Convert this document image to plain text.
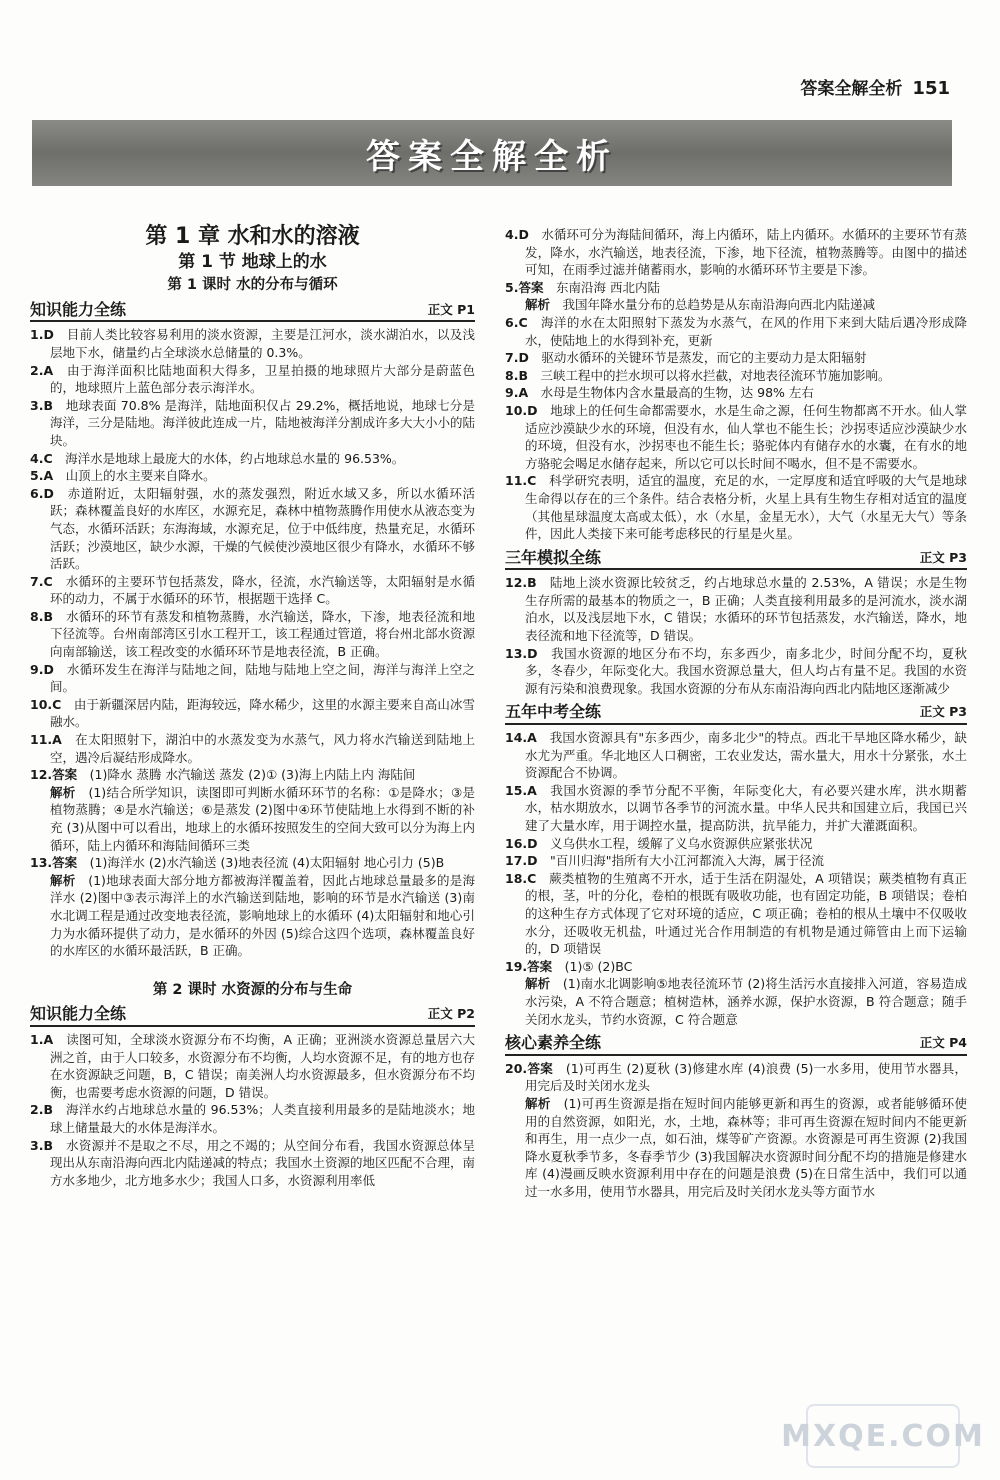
答案全解全析 151
答案全解全析
第 1 章 水和水的溶液
第 1 节 地球上的水
第 1 课时 水的分布与循环
知识能力全练	正文 P1

1.D　 目前人类比较容易利用的淡水资源，主要是江河水，淡水湖泊水，以及浅层地下水，储量约占全球淡水总储量的 0.3%。

2.A　 由于海洋面积比陆地面积大得多，卫星拍摄的地球照片大部分是蔚蓝色的，地球照片上蓝色部分表示海洋水。

3.B　 地球表面 70.8% 是海洋，陆地面积仅占 29.2%，概括地说，地球七分是海洋，三分是陆地。海洋彼此连成一片，陆地被海洋分割成许多大大小小的陆块。

4.C　 海洋水是地球上最庞大的水体，约占地球总水量的 96.53%。

5.A　 山顶上的水主要来自降水。

6.D　 赤道附近，太阳辐射强，水的蒸发强烈，附近水域又多，所以水循环活跃；森林覆盖良好的水库区，水源充足，森林中植物蒸腾作用使水从液态变为气态，水循环活跃；东海海域，水源充足，位于中低纬度，热量充足，水循环活跃；沙漠地区，缺少水源，干燥的气候使沙漠地区很少有降水，水循环不够活跃。

7.C　 水循环的主要环节包括蒸发，降水，径流，水汽输送等，太阳辐射是水循环的动力，不属于水循环的环节，根据题干选择 C。

8.B　 水循环的环节有蒸发和植物蒸腾，水汽输送，降水，下渗，地表径流和地下径流等。台州南部湾区引水工程开工，该工程通过管道，将台州北部水资源向南部输送，该工程改变的水循环环节是地表径流，B 正确。

9.D　 水循环发生在海洋与陆地之间，陆地与陆地上空之间，海洋与海洋上空之间。

10.C　 由于新疆深居内陆，距海较远，降水稀少，这里的水源主要来自高山冰雪融水。

11.A　 在太阳照射下，湖泊中的水蒸发变为水蒸气，风力将水汽输送到陆地上空，遇冷后凝结形成降水。

12.答案　 (1)降水 蒸腾 水汽输送 蒸发 (2)① (3)海上内陆上内 海陆间

解析　 (1)结合所学知识，读图即可判断水循环环节的名称：①是降水；③是植物蒸腾；④是水汽输送；⑥是蒸发 (2)图中④环节使陆地上水得到不断的补充 (3)从图中可以看出，地球上的水循环按照发生的空间大致可以分为海上内循环，陆上内循环和海陆间循环三类

13.答案　 (1)海洋水 (2)水汽输送 (3)地表径流 (4)太阳辐射 地心引力 (5)B

解析　 (1)地球表面大部分地方都被海洋覆盖着，因此占地球总量最多的是海洋水 (2)图中③表示海洋上的水汽输送到陆地，影响的环节是水汽输送 (3)南水北调工程是通过改变地表径流，影响地球上的水循环 (4)太阳辐射和地心引力为水循环提供了动力，是水循环的外因 (5)综合这四个选项，森林覆盖良好的水库区的水循环最活跃，B 正确。

第 2 课时 水资源的分布与生命
知识能力全练	正文 P2

1.A　 读图可知，全球淡水资源分布不均衡，A 正确；亚洲淡水资源总量居六大洲之首，由于人口较多，水资源分布不均衡，人均水资源不足，有的地方也存在水资源缺乏问题，B，C 错误；南美洲人均水资源最多，但水资源分布不均衡，也需要考虑水资源的问题，D 错误。

2.B　 海洋水约占地球总水量的 96.53%；人类直接利用最多的是陆地淡水；地球上储量最大的水体是海洋水。

3.B　 水资源并不是取之不尽，用之不竭的；从空间分布看，我国水资源总体呈现出从东南沿海向西北内陆递减的特点；我国水土资源的地区匹配不合理，南方水多地少，北方地多水少；我国人口多，水资源利用率低

4.D　 水循环可分为海陆间循环，海上内循环，陆上内循环。水循环的主要环节有蒸发，降水，水汽输送，地表径流，下渗，地下径流，植物蒸腾等。由图中的描述可知，在雨季过滤并储蓄雨水，影响的水循环环节主要是下渗。

5.答案　 东南沿海 西北内陆

解析　 我国年降水量分布的总趋势是从东南沿海向西北内陆递减

6.C　 海洋的水在太阳照射下蒸发为水蒸气，在风的作用下来到大陆后遇冷形成降水，使陆地上的水得到补充，更新

7.D　 驱动水循环的关键环节是蒸发，而它的主要动力是太阳辐射

8.B　 三峡工程中的拦水坝可以将水拦截，对地表径流环节施加影响。

9.A　 水母是生物体内含水量最高的生物，达 98% 左右

10.D　 地球上的任何生命都需要水，水是生命之源，任何生物都离不开水。仙人掌适应沙漠缺少水的环境，但没有水，仙人掌也不能生长；沙拐枣适应沙漠缺少水的环境，但没有水，沙拐枣也不能生长；骆驼体内有储存水的水囊，在有水的地方骆驼会喝足水储存起来，所以它可以长时间不喝水，但不是不需要水。

11.C　 科学研究表明，适宜的温度，充足的水，一定厚度和适宜呼吸的大气是地球生命得以存在的三个条件。结合表格分析，火星上具有生物生存相对适宜的温度（其他星球温度太高或太低），水（水星，金星无水），大气（水星无大气）等条件，因此人类接下来可能考虑移民的行星是火星。

三年模拟全练	正文 P3

12.B　 陆地上淡水资源比较贫乏，约占地球总水量的 2.53%，A 错误；水是生物生存所需的最基本的物质之一，B 正确；人类直接利用最多的是河流水，淡水湖泊水，以及浅层地下水，C 错误；水循环的环节包括蒸发，水汽输送，降水，地表径流和地下径流等，D 错误。

13.D　 我国水资源的地区分布不均，东多西少，南多北少，时间分配不均，夏秋多，冬春少，年际变化大。我国水资源总量大，但人均占有量不足。我国的水资源有污染和浪费现象。我国水资源的分布从东南沿海向西北内陆地区逐渐减少

五年中考全练	正文 P3

14.A　 我国水资源具有"东多西少，南多北少"的特点。西北干旱地区降水稀少，缺水尤为严重。华北地区人口稠密，工农业发达，需水量大，用水十分紧张，水土资源配合不协调。

15.A　 我国水资源的季节分配不平衡，年际变化大，有必要兴建水库，洪水期蓄水，枯水期放水，以调节各季节的河流水量。中华人民共和国建立后，我国已兴建了大量水库，用于调控水量，提高防洪，抗旱能力，并扩大灌溉面积。

16.D　 义乌供水工程，缓解了义乌水资源供应紧张状况

17.D　 "百川归海"指所有大小江河都流入大海，属于径流

18.C　 蕨类植物的生殖离不开水，适于生活在阴湿处，A 项错误；蕨类植物有真正的根，茎，叶的分化，卷柏的根既有吸收功能，也有固定功能，B 项错误；卷柏的这种生存方式体现了它对环境的适应，C 项正确；卷柏的根从土壤中不仅吸收水分，还吸收无机盐，叶通过光合作用制造的有机物是通过筛管由上而下运输的，D 项错误

19.答案　 (1)⑤ (2)BC

解析　 (1)南水北调影响⑤地表径流环节 (2)将生活污水直接排入河道，容易造成水污染，A 不符合题意；植树造林，涵养水源，保护水资源，B 符合题意；随手关闭水龙头，节约水资源，C 符合题意

核心素养全练	正文 P4

20.答案　 (1)可再生 (2)夏秋 (3)修建水库 (4)浪费 (5)一水多用，使用节水器具，用完后及时关闭水龙头

解析　 (1)可再生资源是指在短时间内能够更新和再生的资源，或者能够循环使用的自然资源，如阳光，水，土地，森林等；非可再生资源在短时间内不能更新和再生，用一点少一点，如石油，煤等矿产资源。水资源是可再生资源 (2)我国降水夏秋季节多，冬春季节少 (3)我国解决水资源时间分配不均的措施是修建水库 (4)漫画反映水资源利用中存在的问题是浪费 (5)在日常生活中，我们可以通过一水多用，使用节水器具，用完后及时关闭水龙头等方面节水

MXQE.COM
